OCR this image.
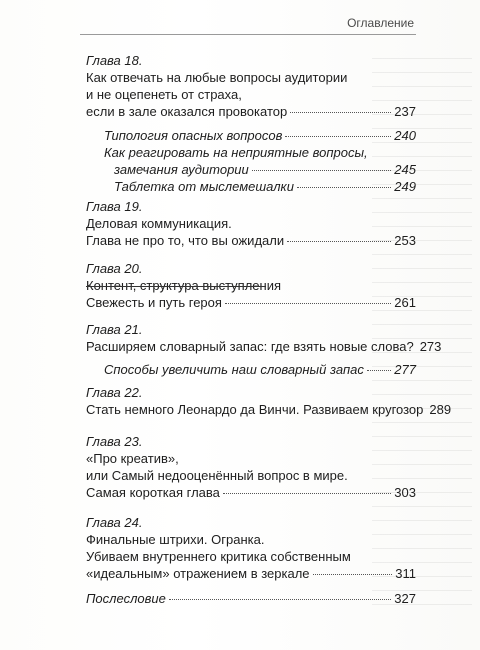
Оглавление
Глава 18.
Как отвечать на любые вопросы аудитории
и не оцепенеть от страха,
если в зале оказался провокатор	237
Типология опасных вопросов	240
Как реагировать на неприятные вопросы,
замечания аудитории	245
Таблетка от мыслемешалки	249
Глава 19.
Деловая коммуникация.
Глава не про то, что вы ожидали	253
Глава 20.
Контент, структура выступления
Свежесть и путь героя	261
Глава 21.
Расширяем словарный запас: где взять новые слова? 273
Способы увеличить наш словарный запас 277
Глава 22.
Стать немного Леонардо да Винчи. Развиваем кругозор 289
Глава 23.
«Про креатив»,
или Самый недооценённый вопрос в мире.
Самая короткая глава	303
Глава 24.
Финальные штрихи. Огранка.
Убиваем внутреннего критика собственным
«идеальным» отражением в зеркале	311
Послесловие	327
